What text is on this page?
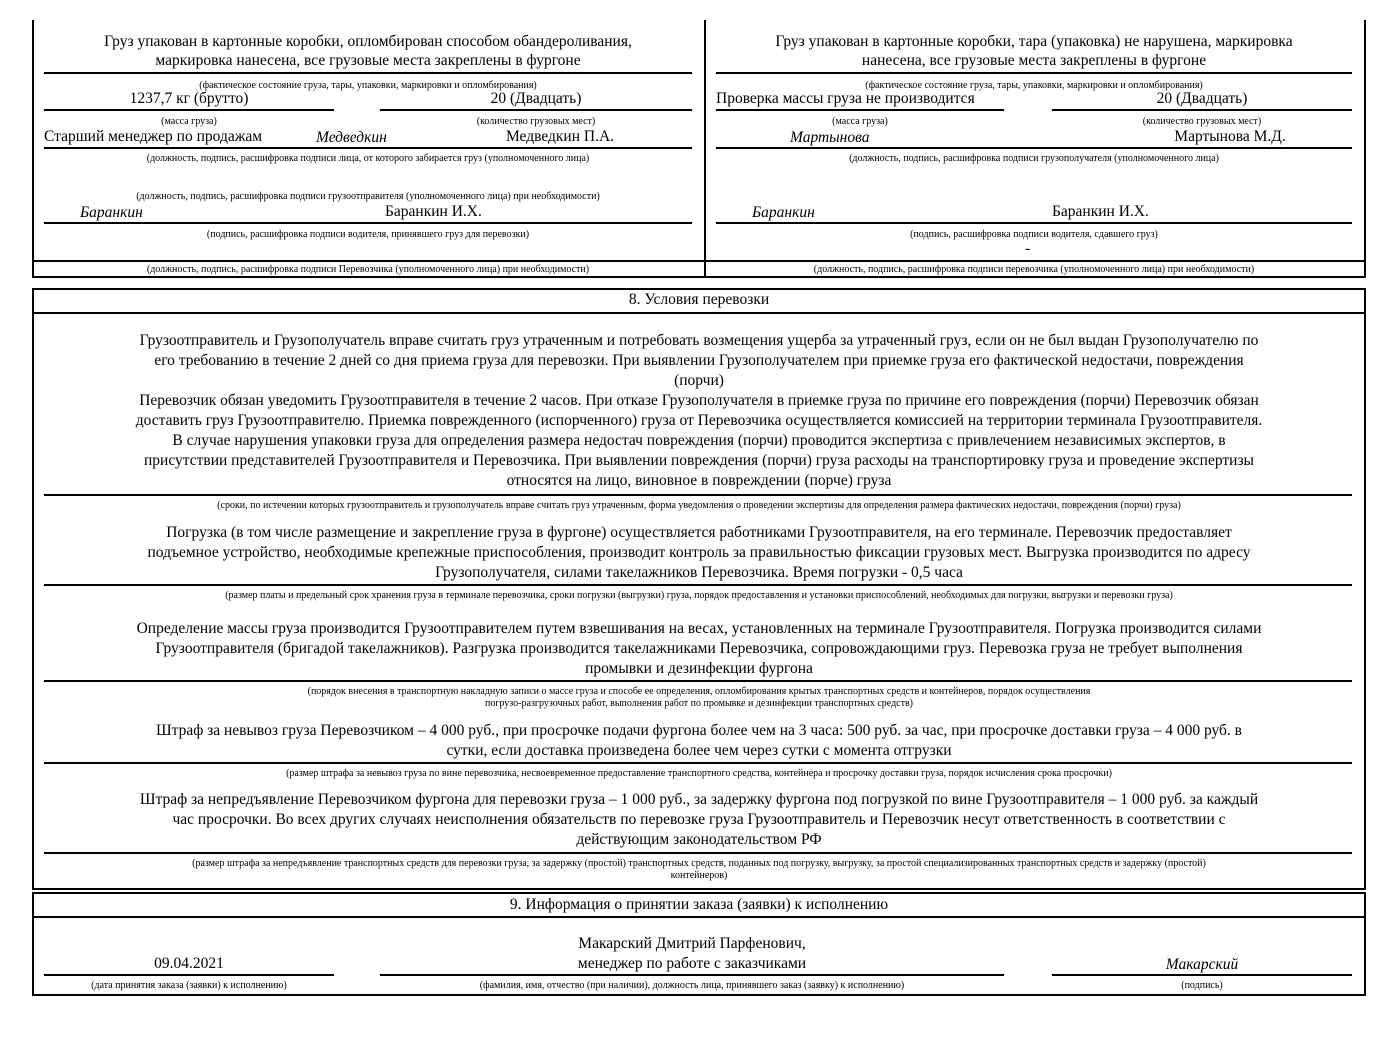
Груз упакован в картонные коробки, опломбирован способом обандероливания,
маркировка нанесена, все грузовые места закреплены в фургоне
(фактическое состояние груза, тары, упаковки, маркировки и опломбирования)
1237,7 кг (брутто)
(масса груза)
20 (Двадцать)
(количество грузовых мест)
Старший менеджер по продажам	Медведкин	Медведкин П.А.
(должность, подпись, расшифровка подписи лица, от которого забирается груз (уполномоченного лица)
(должность, подпись, расшифровка подписи грузоотправителя (уполномоченного лица) при необходимости)
Баранкин	Баранкин И.Х.
(подпись, расшифровка подписи водителя, принявшего груз для перевозки)
(должность, подпись, расшифровка подписи Перевозчика (уполномоченного лица) при необходимости)
Груз упакован в картонные коробки, тара (упаковка) не нарушена, маркировка
нанесена, все грузовые места закреплены в фургоне
(фактическое состояние груза, тары, упаковки, маркировки и опломбирования)
Проверка массы груза не производится
(масса груза)
20 (Двадцать)
(количество грузовых мест)
Мартынова	Мартынова М.Д.
(должность, подпись, расшифровка подписи грузополучателя (уполномоченного лица)
Баранкин	Баранкин И.Х.
(подпись, расшифровка подписи водителя, сдавшего груз)
-
(должность, подпись, расшифровка подписи перевозчика (уполномоченного лица) при необходимости)
8. Условия перевозки
Грузоотправитель и Грузополучатель вправе считать груз утраченным и потребовать возмещения ущерба за утраченный груз, если он не был выдан Грузополучателю по
его требованию в течение 2 дней со дня приема груза для перевозки. При выявлении Грузополучателем при приемке груза его фактической недостачи, повреждения
(порчи)
Перевозчик обязан уведомить Грузоотправителя в течение 2 часов. При отказе Грузополучателя в приемке груза по причине его повреждения (порчи) Перевозчик обязан
доставить груз Грузоотправителю. Приемка поврежденного (испорченного) груза от Перевозчика осуществляется комиссией на территории терминала Грузоотправителя.
В случае нарушения упаковки груза для определения размера недостач повреждения (порчи) проводится экспертиза с привлечением независимых экспертов, в
присутствии представителей Грузоотправителя и Перевозчика. При выявлении повреждения (порчи) груза расходы на транспортировку груза и проведение экспертизы
относятся на лицо, виновное в повреждении (порче) груза
(сроки, по истечении которых грузоотправитель и грузополучатель вправе считать груз утраченным, форма уведомления о проведении экспертизы для определения размера фактических недостачи, повреждения (порчи) груза)
Погрузка (в том числе размещение и закрепление груза в фургоне) осуществляется работниками Грузоотправителя, на его терминале. Перевозчик предоставляет
подъемное устройство, необходимые крепежные приспособления, производит контроль за правильностью фиксации грузовых мест. Выгрузка производится по адресу
Грузополучателя, силами такелажников Перевозчика. Время погрузки - 0,5 часа
(размер платы и предельный срок хранения груза в терминале перевозчика, сроки погрузки (выгрузки) груза, порядок предоставления и установки приспособлений, необходимых для погрузки, выгрузки и перевозки груза)
Определение массы груза производится Грузоотправителем путем взвешивания на весах, установленных на терминале Грузоотправителя. Погрузка производится силами
Грузоотправителя (бригадой такелажников). Разгрузка производится такелажниками Перевозчика, сопровождающими груз. Перевозка груза не требует выполнения
промывки и дезинфекции фургона
(порядок внесения в транспортную накладную записи о массе груза и способе ее определения, опломбирования крытых транспортных средств и контейнеров, порядок осуществления
погрузо-разгрузочных работ, выполнения работ по промывке и дезинфекции транспортных средств)
Штраф за невывоз груза Перевозчиком – 4 000 руб., при просрочке подачи фургона более чем на 3 часа: 500 руб. за час, при просрочке доставки груза – 4 000 руб. в
сутки, если доставка произведена более чем через сутки с момента отгрузки
(размер штрафа за невывоз груза по вине перевозчика, несвоевременное предоставление транспортного средства, контейнера и просрочку доставки груза, порядок исчисления срока просрочки)
Штраф за непредъявление Перевозчиком фургона для перевозки груза – 1 000 руб., за задержку фургона под погрузкой по вине Грузоотправителя – 1 000 руб. за каждый
час просрочки. Во всех других случаях неисполнения обязательств по перевозке груза Грузоотправитель и Перевозчик несут ответственность в соответствии с
действующим законодательством РФ
(размер штрафа за непредъявление транспортных средств для перевозки груза, за задержку (простой) транспортных средств, поданных под погрузку, выгрузку, за простой специализированных транспортных средств и задержку (простой)
контейнеров)
9. Информация о принятии заказа (заявки) к исполнению
09.04.2021
(дата принятия заказа (заявки) к исполнению)
Макарский Дмитрий Парфенович,
менеджер по работе с заказчиками
(фамилия, имя, отчество (при наличии), должность лица, принявшего заказ (заявку) к исполнению)
Макарский
(подпись)
